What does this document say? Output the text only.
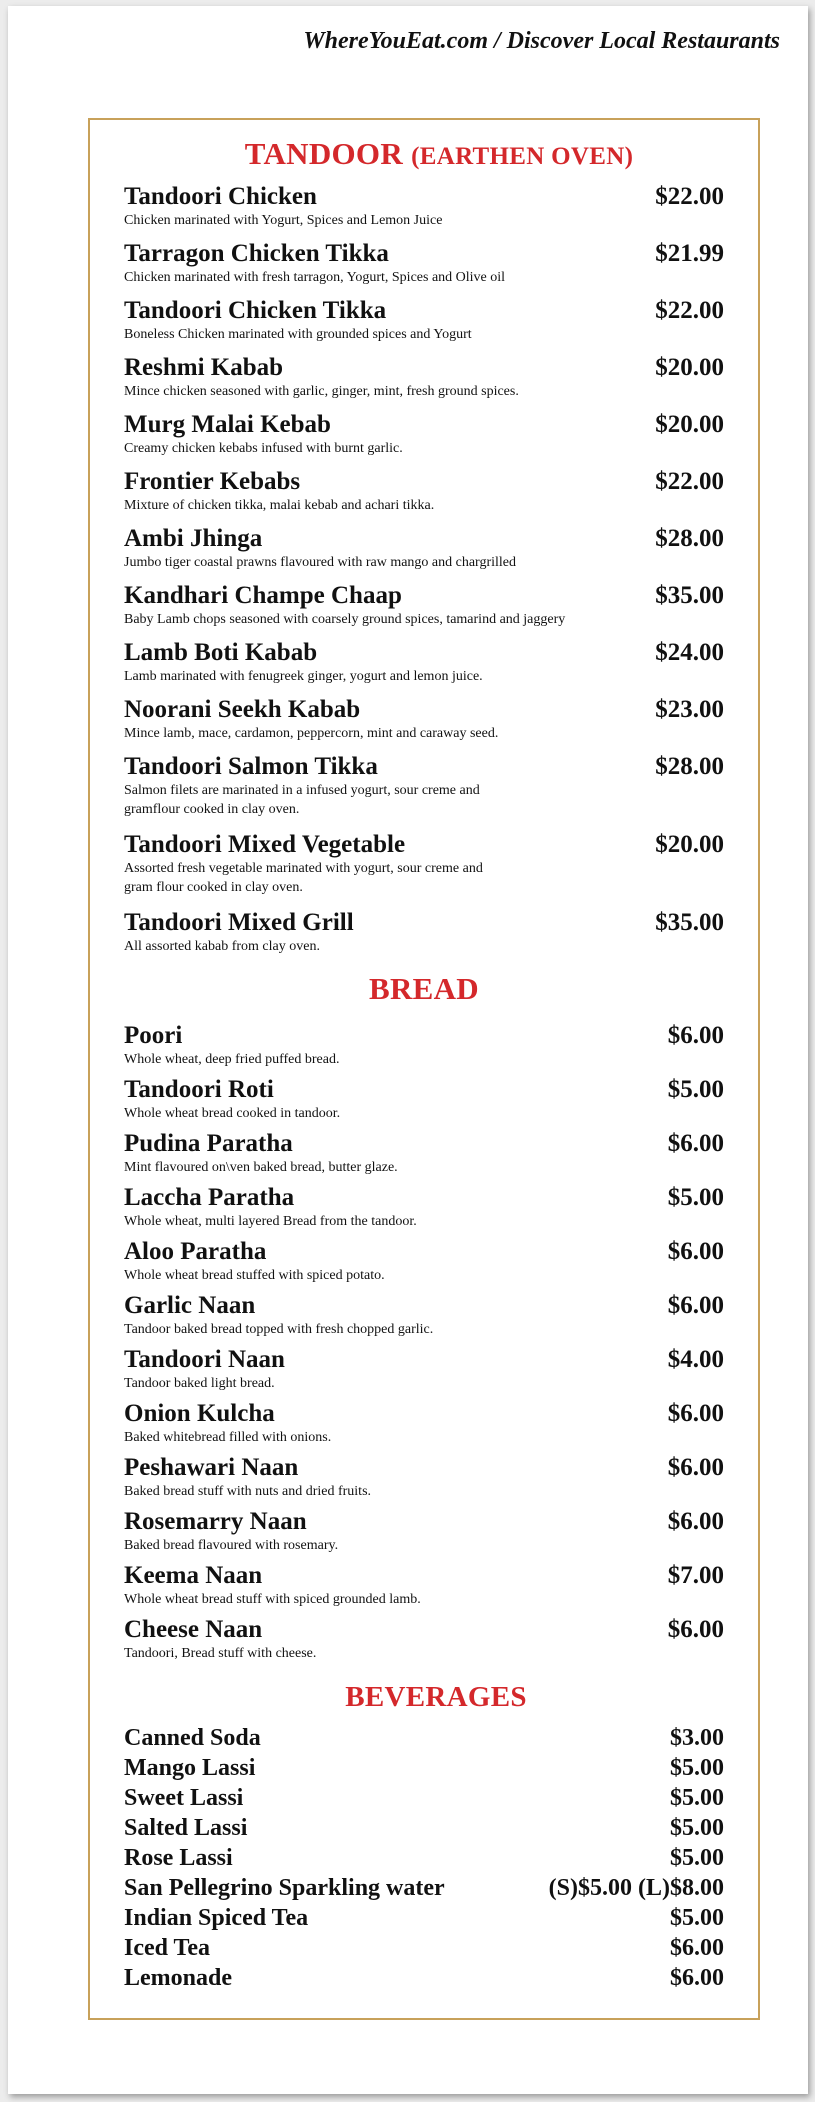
WhereYouEat.com / Discover Local Restaurants

TANDOOR (EARTHEN OVEN)
Tandoori Chicken
Chicken marinated with Yogurt, Spices and Lemon Juice
$22.00
Tarragon Chicken Tikka
Chicken marinated with fresh tarragon, Yogurt, Spices and Olive oil
$21.99
Tandoori Chicken Tikka
Boneless Chicken marinated with grounded spices and Yogurt
$22.00
Reshmi Kabab
Mince chicken seasoned with garlic, ginger, mint, fresh ground spices.
$20.00
Murg Malai Kebab
Creamy chicken kebabs infused with burnt garlic.
$20.00
Frontier Kebabs
Mixture of chicken tikka, malai kebab and achari tikka.
$22.00
Ambi Jhinga
Jumbo tiger coastal prawns flavoured with raw mango and chargrilled
$28.00
Kandhari Champe Chaap
Baby Lamb chops seasoned with coarsely ground spices, tamarind and jaggery
$35.00
Lamb Boti Kabab
Lamb marinated with fenugreek ginger, yogurt and lemon juice.
$24.00
Noorani Seekh Kabab
Mince lamb, mace, cardamon, peppercorn, mint and caraway seed.
$23.00
Tandoori Salmon Tikka
Salmon filets are marinated in a infused yogurt, sour creme and
gramflour cooked in clay oven.
$28.00
Tandoori Mixed Vegetable
Assorted fresh vegetable marinated with yogurt, sour creme and
gram flour cooked in clay oven.
$20.00
Tandoori Mixed Grill
All assorted kabab from clay oven.
$35.00
BREAD
Poori
Whole wheat, deep fried puffed bread.
$6.00
Tandoori Roti
Whole wheat bread cooked in tandoor.
$5.00
Pudina Paratha
Mint flavoured on\ven baked bread, butter glaze.
$6.00
Laccha Paratha
Whole wheat, multi layered Bread from the tandoor.
$5.00
Aloo Paratha
Whole wheat bread stuffed with spiced potato.
$6.00
Garlic Naan
Tandoor baked bread topped with fresh chopped garlic.
$6.00
Tandoori Naan
Tandoor baked light bread.
$4.00
Onion Kulcha
Baked whitebread filled with onions.
$6.00
Peshawari Naan
Baked bread stuff with nuts and dried fruits.
$6.00
Rosemarry Naan
Baked bread flavoured with rosemary.
$6.00
Keema Naan
Whole wheat bread stuff with spiced grounded lamb.
$7.00
Cheese Naan
Tandoori, Bread stuff with cheese.
$6.00
BEVERAGES
Canned Soda	$3.00
Mango Lassi	$5.00
Sweet Lassi	$5.00
Salted Lassi	$5.00
Rose Lassi	$5.00
San Pellegrino Sparkling water	(S)$5.00 (L)$8.00
Indian Spiced Tea	$5.00
Iced Tea	$6.00
Lemonade	$6.00
